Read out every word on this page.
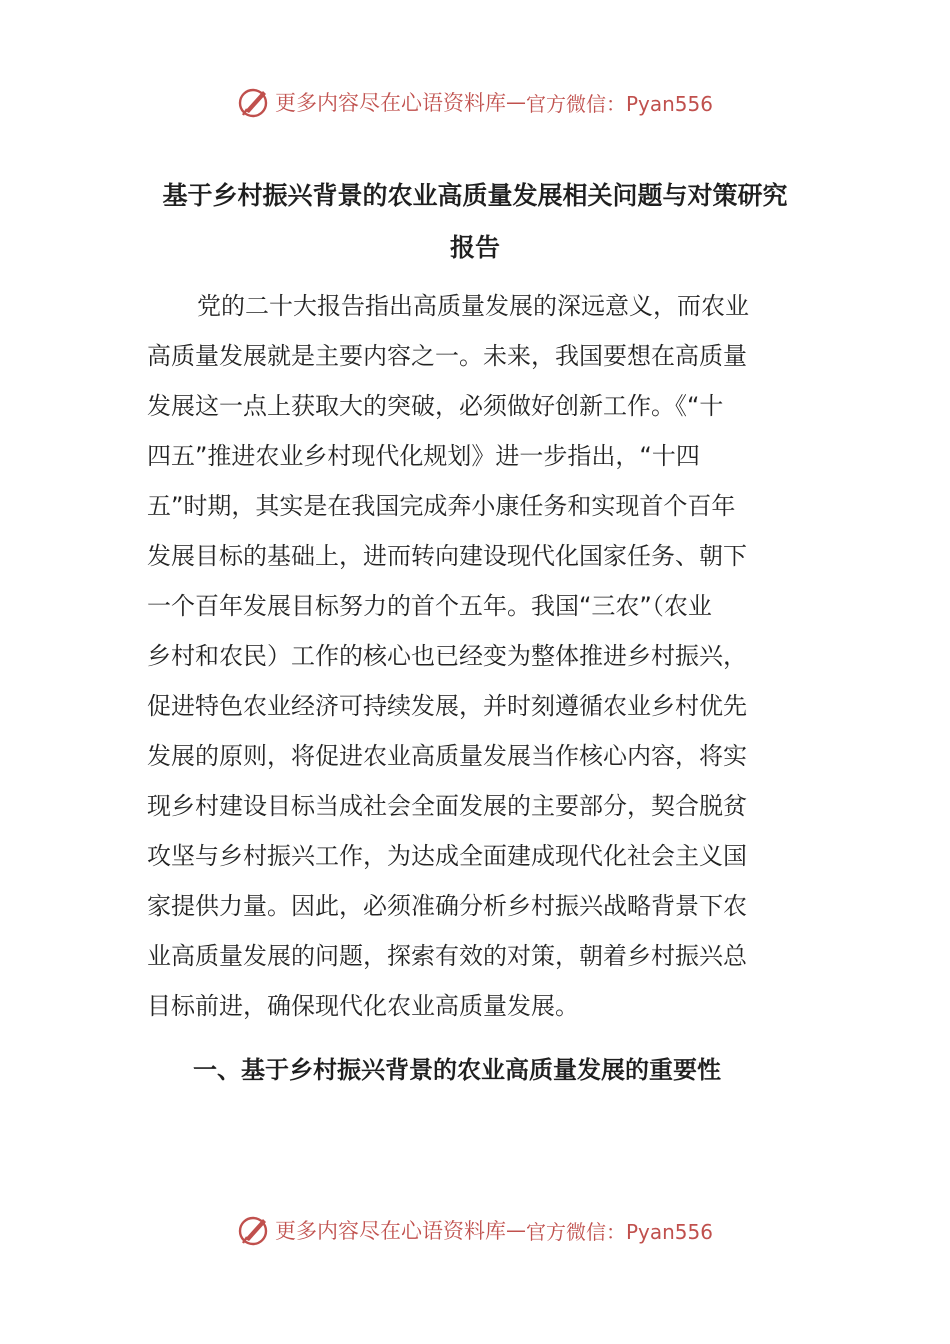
更多内容尽在心语资料库 — 官方微信：Pyan556
基于乡村振兴背景的农业高质量发展相关问题与对策研究
报告
党的二十大报告指出高质量发展的深远意义，而农业
高质量发展就是主要内容之一。未来，我国要想在高质量
发展这一点上获取大的突破，必须做好创新工作。《“十
四五”推进农业乡村现代化规划》进一步指出，“十四
五”时期，其实是在我国完成奔小康任务和实现首个百年
发展目标的基础上，进而转向建设现代化国家任务、朝下
一个百年发展目标努力的首个五年。我国“三农”（农业
乡村和农民）工作的核心也已经变为整体推进乡村振兴，
促进特色农业经济可持续发展，并时刻遵循农业乡村优先
发展的原则，将促进农业高质量发展当作核心内容，将实
现乡村建设目标当成社会全面发展的主要部分，契合脱贫
攻坚与乡村振兴工作，为达成全面建成现代化社会主义国
家提供力量。因此，必须准确分析乡村振兴战略背景下农
业高质量发展的问题，探索有效的对策，朝着乡村振兴总
目标前进，确保现代化农业高质量发展。
一、基于乡村振兴背景的农业高质量发展的重要性
更多内容尽在心语资料库 — 官方微信：Pyan556
